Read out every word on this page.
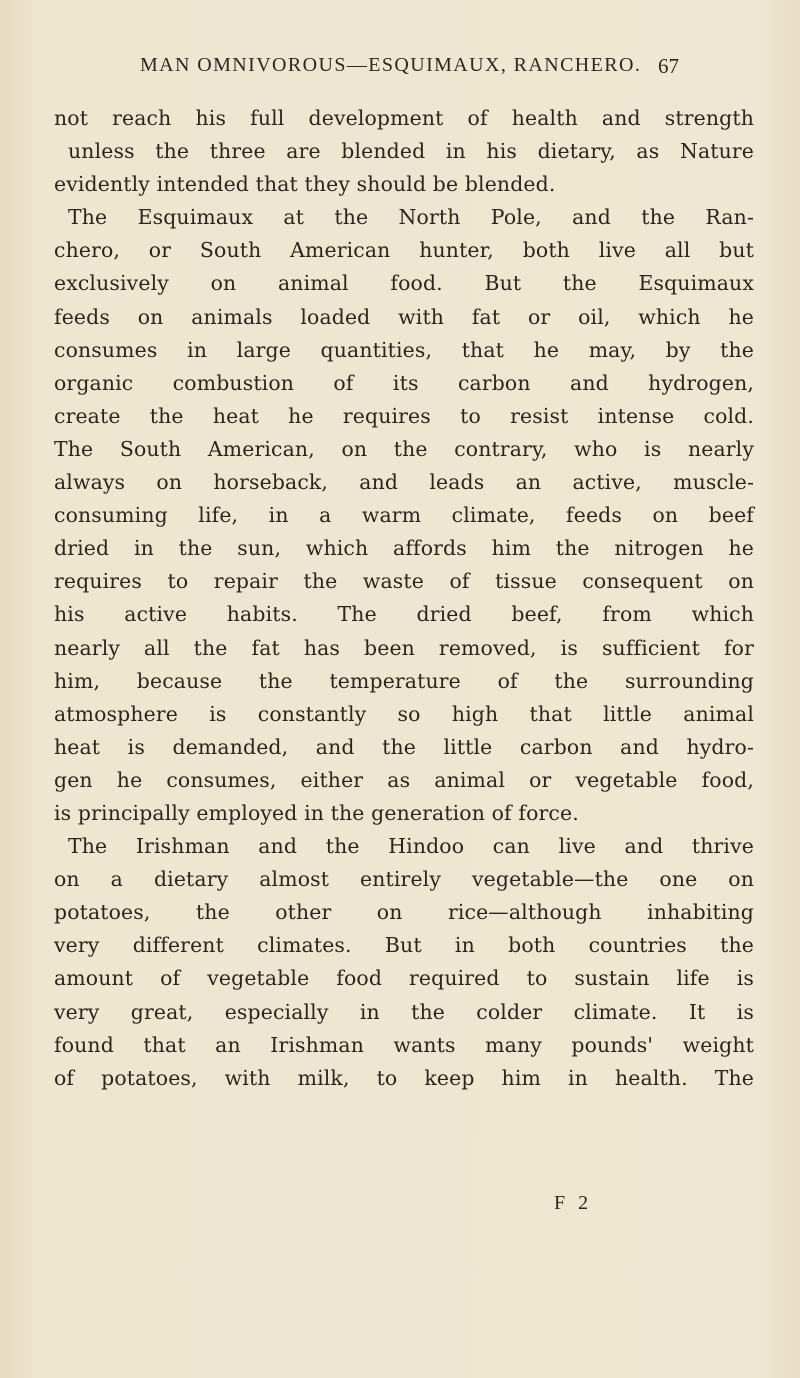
MAN OMNIVOROUS—ESQUIMAUX, RANCHERO. 67
not reach his full development of health and strength
unless the three are blended in his dietary, as Nature
evidently intended that they should be blended.
The Esquimaux at the North Pole, and the Ran-
chero, or South American hunter, both live all but
exclusively on animal food. But the Esquimaux
feeds on animals loaded with fat or oil, which he
consumes in large quantities, that he may, by the
organic combustion of its carbon and hydrogen,
create the heat he requires to resist intense cold.
The South American, on the contrary, who is nearly
always on horseback, and leads an active, muscle-
consuming life, in a warm climate, feeds on beef
dried in the sun, which affords him the nitrogen he
requires to repair the waste of tissue consequent on
his active habits. The dried beef, from which
nearly all the fat has been removed, is sufficient for
him, because the temperature of the surrounding
atmosphere is constantly so high that little animal
heat is demanded, and the little carbon and hydro-
gen he consumes, either as animal or vegetable food,
is principally employed in the generation of force.
The Irishman and the Hindoo can live and thrive
on a dietary almost entirely vegetable—the one on
potatoes, the other on rice—although inhabiting
very different climates. But in both countries the
amount of vegetable food required to sustain life is
very great, especially in the colder climate. It is
found that an Irishman wants many pounds' weight
of potatoes, with milk, to keep him in health. The
F 2
